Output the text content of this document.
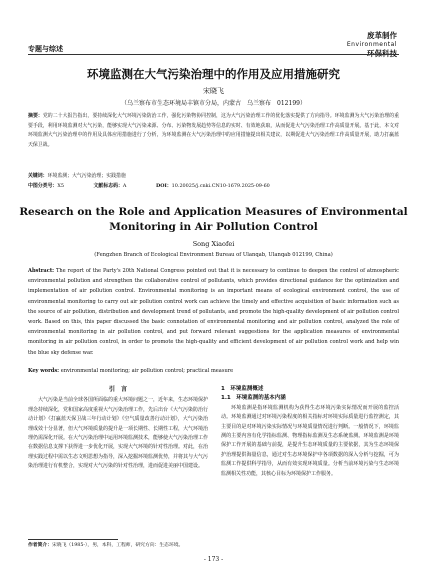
专题与综述
废革制作
Environmental
环保科技
环境监测在大气污染治理中的作用及应用措施研究
宋晓飞
（乌兰察布市生态环境局丰镇市分局，内蒙古　乌兰察布　012199）
摘要：党的二十大报告指出，要持续深化大气环境污染防治工作，强化污染物协同控制，这为大气污染治理工作的优化落实提供了方向指导。环境监测为大气污染治理的重要手段，利用环境监测对大气污染，能够实现大气污染来源、分布、污染物发展趋势等信息的实时、有效地获取，从而促进大气污染治理工作高质量开展。基于此，本文对环境监测大气污染治理中的作用及具体应用措施进行了分析，为环境监测在大气污染治理中的应用措施提出相关建议，以期促进大气污染治理工作高质量开展，助力打赢蓝天保卫战。
关键词：环境监测；大气污染治理；实践措施
中图分类号：X5	文献标志码：A	DOI：10.20025/j.cnki.CN10-1679.2025-09-60
Research on the Role and Application Measures of Environmental Monitoring in Air Pollution Control
Song Xiaofei
(Fengzhen Branch of Ecological Environment Bureau of Ulanqab, Ulanqab 012199, China)
Abstract: The report of the Party's 20th National Congress pointed out that it is necessary to continue to deepen the control of atmospheric environmental pollution and strengthen the collaborative control of pollutants, which provides directional guidance for the optimization and implementation of air pollution control. Environmental monitoring is an important means of ecological environment control, the use of environmental monitoring to carry out air pollution control work can achieve the timely and effective acquisition of basic information such as the source of air pollution, distribution and development trend of pollutants, and promote the high-quality development of air pollution control work. Based on this, this paper discussed the basic connotation of environmental monitoring and air pollution control, analyzed the role of environmental monitoring in air pollution control, and put forward relevant suggestions for the application measures of environmental monitoring in air pollution control, in order to promote the high-quality and efficient development of air pollution control work and help win the blue sky defense war.
Key words: environmental monitoring; air pollution control; practical measure
引　言

大气污染是当前全球各国所面临的重大环境问题之一，近年来，生态环境保护理念持续深化，党和国家高度重视大气污染治理工作，先后出台《大气污染防治行动计划》《打赢蓝天保卫战三年行动计划》《空气质量改善行动计划》，大气污染治理成效十分显著，但大气环境质量的提升是一项长期性、长期性工程，大气环境治理仍需深化开展。在大气污染治理中运用环境监测技术，能够使大气污染治理工作在数据信息支撑下获得进一步优化开展，实现大气环境的针对性治理。对此，在治理实践过程中需以生态文明思想为指导，深入挖掘环境监测优势，并将其与大气污染治理进行有机整合，实现对大气污染的针对性治理，进而促进美丽中国建设。

1　环境监测概述
1.1　环境监测的基本内涵

环境监测是指环境监测机构为获得生态环境污染实际情况而开展的监控活动。环境监测通过对环境污染程度的相关指标对环境实际质量进行监控测定，其主要目的是对环境污染实际情况与环境质量情况进行判断。一般情况下，环境监测的主要内容有化学指标监测、物理指标监测及生态系统监测。环境监测是环境保护工作开展的基础与前提，是提升生态环境质量的主要依据，其为生态环境保护治理提供海量信息，通过对生态环境保护中各项数据的深入分析与挖掘，可为监测工作提供科学指导，从而有效实现环境质量。分析当前环境污染与生态环境监测相关性功能，其核心目标为环境保护工作服务。

作者简介：宋晓飞（1985-），男，本科，工程师，研究方向：生态环境。
- 173 -
